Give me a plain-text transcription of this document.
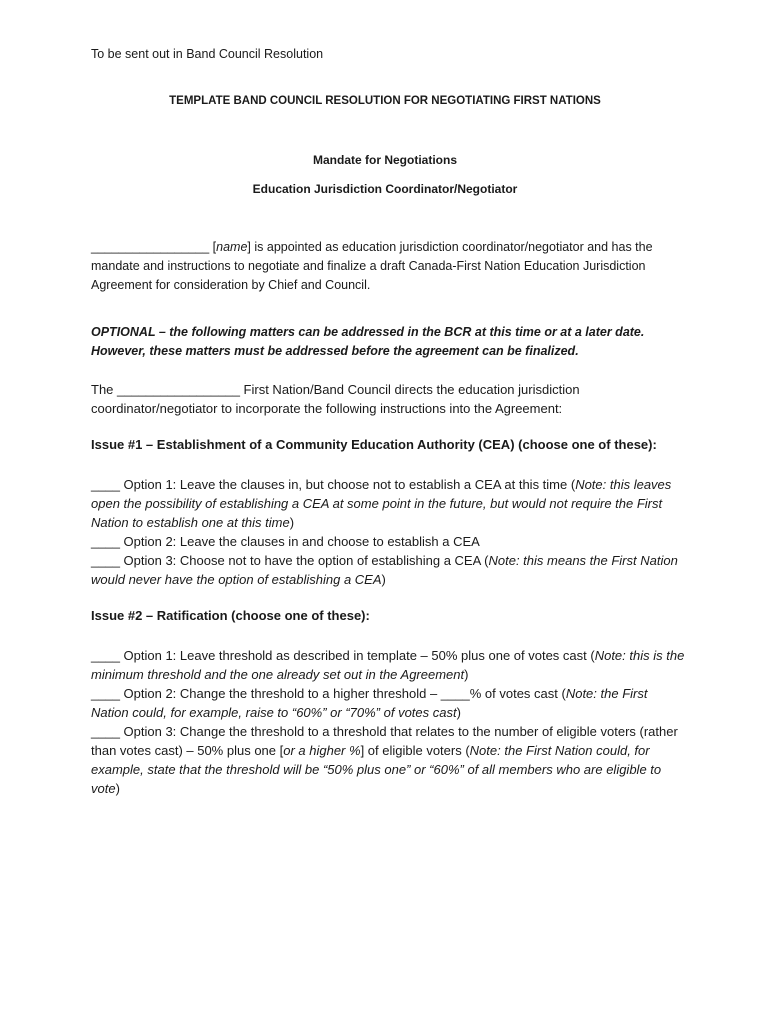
To be sent out in Band Council Resolution

TEMPLATE BAND COUNCIL RESOLUTION FOR NEGOTIATING FIRST NATIONS

Mandate for Negotiations

Education Jurisdiction Coordinator/Negotiator

_________________ [name] is appointed as education jurisdiction coordinator/negotiator and has the mandate and instructions to negotiate and finalize a draft Canada-First Nation Education Jurisdiction Agreement for consideration by Chief and Council.

OPTIONAL – the following matters can be addressed in the BCR at this time or at a later date. However, these matters must be addressed before the agreement can be finalized.

The _________________ First Nation/Band Council directs the education jurisdiction coordinator/negotiator to incorporate the following instructions into the Agreement:

Issue #1 – Establishment of a Community Education Authority (CEA) (choose one of these):

____ Option 1: Leave the clauses in, but choose not to establish a CEA at this time (Note: this leaves open the possibility of establishing a CEA at some point in the future, but would not require the First Nation to establish one at this time)
____ Option 2: Leave the clauses in and choose to establish a CEA
____ Option 3: Choose not to have the option of establishing a CEA (Note: this means the First Nation would never have the option of establishing a CEA)

Issue #2 – Ratification (choose one of these):

____ Option 1: Leave threshold as described in template – 50% plus one of votes cast (Note: this is the minimum threshold and the one already set out in the Agreement)
____ Option 2: Change the threshold to a higher threshold – ____% of votes cast (Note: the First Nation could, for example, raise to “60%” or “70%” of votes cast)
____ Option 3: Change the threshold to a threshold that relates to the number of eligible voters (rather than votes cast) – 50% plus one [or a higher %] of eligible voters (Note: the First Nation could, for example, state that the threshold will be “50% plus one” or “60%” of all members who are eligible to vote)
